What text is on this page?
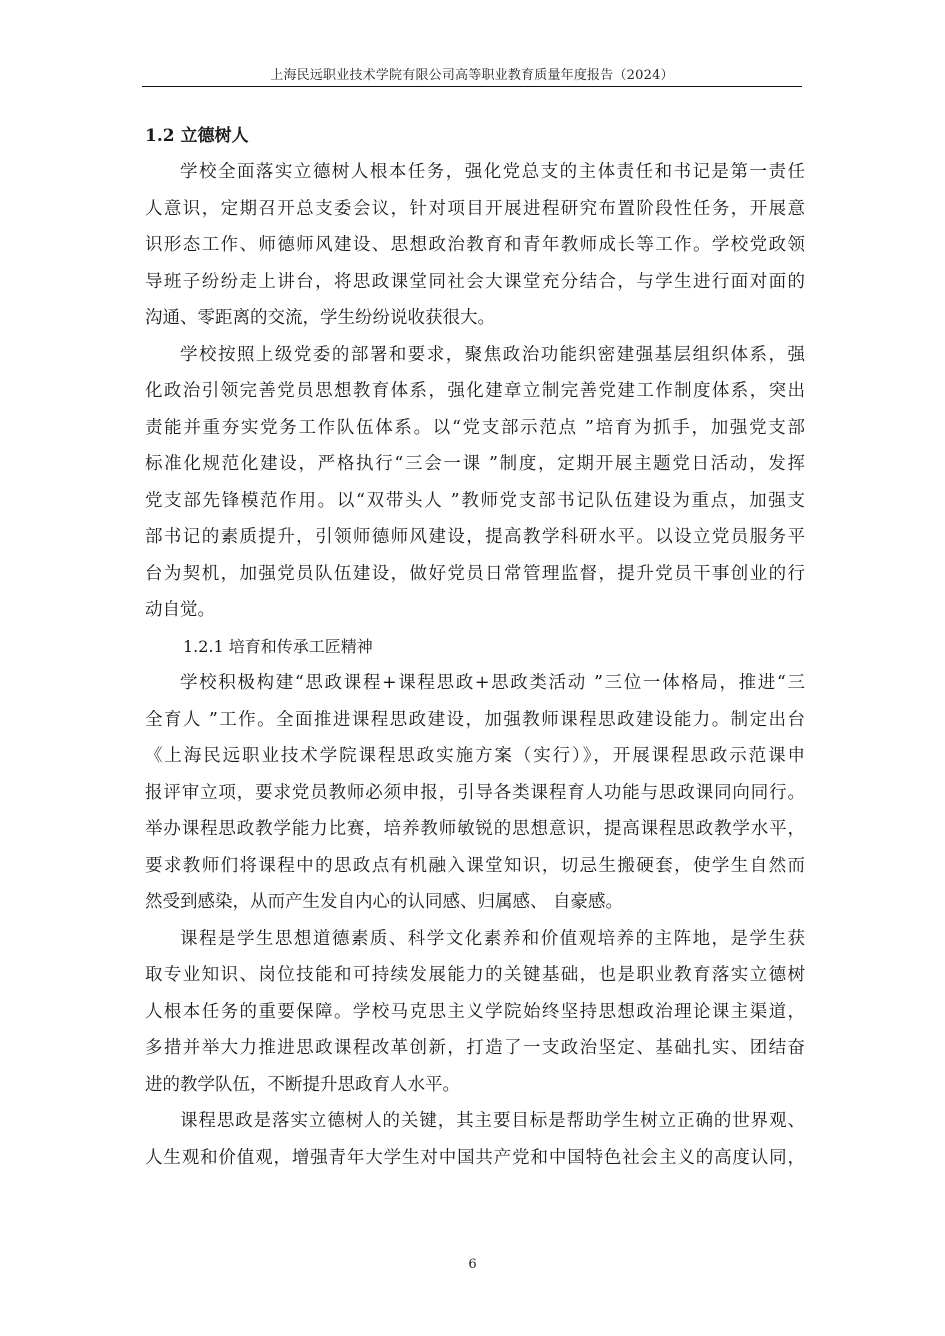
上海民远职业技术学院有限公司高等职业教育质量年度报告（2024）
1.2 立德树人
学校全面落实立德树人根本任务，强化党总支的主体责任和书记是第一责任
人意识，定期召开总支委会议，针对项目开展进程研究布置阶段性任务，开展意
识形态工作、师德师风建设、思想政治教育和青年教师成长等工作。学校党政领
导班子纷纷走上讲台，将思政课堂同社会大课堂充分结合，与学生进行面对面的
沟通、零距离的交流，学生纷纷说收获很大。
学校按照上级党委的部署和要求，聚焦政治功能织密建强基层组织体系，强
化政治引领完善党员思想教育体系，强化建章立制完善党建工作制度体系，突出
责能并重夯实党务工作队伍体系。以“党支部示范点 ”培育为抓手，加强党支部
标准化规范化建设，严格执行“三会一课 ”制度，定期开展主题党日活动，发挥
党支部先锋模范作用。以“双带头人 ”教师党支部书记队伍建设为重点，加强支
部书记的素质提升，引领师德师风建设，提高教学科研水平。以设立党员服务平
台为契机，加强党员队伍建设，做好党员日常管理监督，提升党员干事创业的行
动自觉。
1.2.1 培育和传承工匠精神
学校积极构建“思政课程+课程思政+思政类活动 ”三位一体格局，推进“三
全育人 ”工作。全面推进课程思政建设，加强教师课程思政建设能力。制定出台
《上海民远职业技术学院课程思政实施方案（实行）》，开展课程思政示范课申
报评审立项，要求党员教师必须申报，引导各类课程育人功能与思政课同向同行。
举办课程思政教学能力比赛，培养教师敏锐的思想意识，提高课程思政教学水平，
要求教师们将课程中的思政点有机融入课堂知识，切忌生搬硬套，使学生自然而
然受到感染，从而产生发自内心的认同感、归属感、 自豪感。
课程是学生思想道德素质、科学文化素养和价值观培养的主阵地，是学生获
取专业知识、岗位技能和可持续发展能力的关键基础，也是职业教育落实立德树
人根本任务的重要保障。学校马克思主义学院始终坚持思想政治理论课主渠道，
多措并举大力推进思政课程改革创新，打造了一支政治坚定、基础扎实、团结奋
进的教学队伍，不断提升思政育人水平。
课程思政是落实立德树人的关键，其主要目标是帮助学生树立正确的世界观、
人生观和价值观，增强青年大学生对中国共产党和中国特色社会主义的高度认同，
6
